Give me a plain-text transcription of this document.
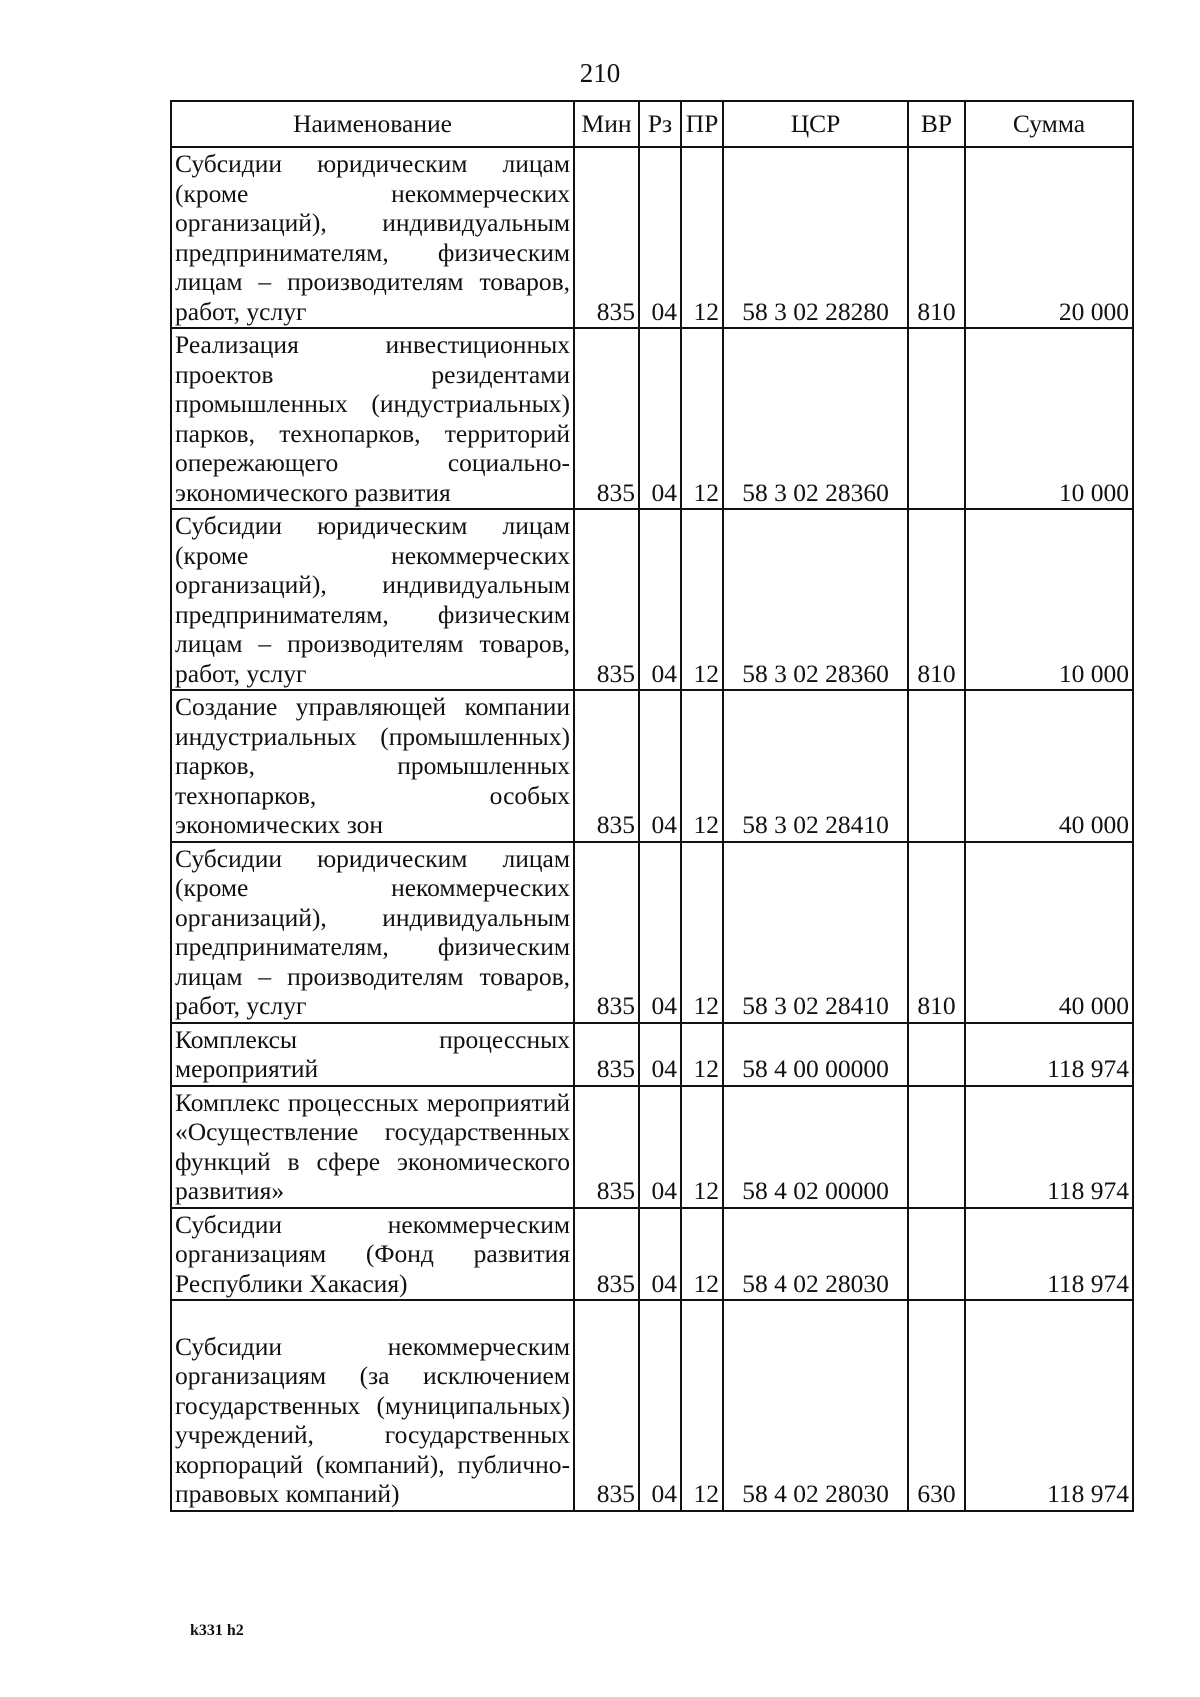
210
Наименование	Мин	Рз	ПР	ЦСР	ВР	Сумма
Субсидии юридическим лицам (кроме некоммерческих организаций), индивидуальным предпринимателям, физическим лицам – производителям товаров, работ, услуг	835	04	12	58 3 02 28280	810	20 000
Реализация инвестиционных проектов резидентами промышленных (индустриальных) парков, технопарков, территорий опережающего социально-экономического развития	835	04	12	58 3 02 28360		10 000
Субсидии юридическим лицам (кроме некоммерческих организаций), индивидуальным предпринимателям, физическим лицам – производителям товаров, работ, услуг	835	04	12	58 3 02 28360	810	10 000
Создание управляющей компании индустриальных (промышленных) парков, промышленных технопарков, особых экономических зон	835	04	12	58 3 02 28410		40 000
Субсидии юридическим лицам (кроме некоммерческих организаций), индивидуальным предпринимателям, физическим лицам – производителям товаров, работ, услуг	835	04	12	58 3 02 28410	810	40 000
Комплексы процессных мероприятий	835	04	12	58 4 00 00000		118 974
Комплекс процессных мероприятий «Осуществление государственных функций в сфере экономического развития»	835	04	12	58 4 02 00000		118 974
Субсидии некоммерческим организациям (Фонд развития Республики Хакасия)	835	04	12	58 4 02 28030		118 974
Субсидии некоммерческим организациям (за исключением государственных (муниципальных) учреждений, государственных корпораций (компаний), публично-правовых компаний)	835	04	12	58 4 02 28030	630	118 974
k331 h2
